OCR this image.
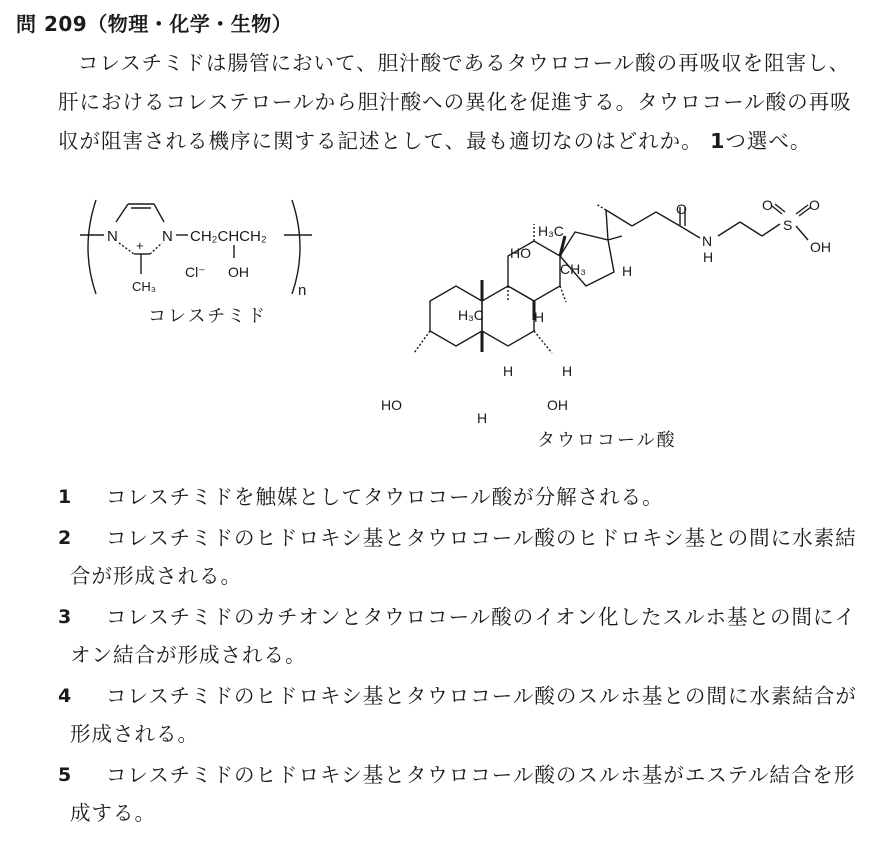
問 209（物理・化学・生物）
コレスチミドは腸管において、胆汁酸であるタウロコール酸の再吸収を阻害し、肝におけるコレステロールから胆汁酸への異化を促進する。タウロコール酸の再吸収が阻害される機序に関する記述として、最も適切なのはどれか。 1つ選べ。
N	N
+
CH₂CHCH₂
OH
CH₃
Cl⁻
n
コレスチミド
H₃C
CH₃
H₃C
HO
HO	OH
H
H
H	H
H
O
N
H
S
O	O
OH
タウロコール酸
1	コレスチミドを触媒としてタウロコール酸が分解される。
2	コレスチミドのヒドロキシ基とタウロコール酸のヒドロキシ基との間に水素結合が形成される。
3	コレスチミドのカチオンとタウロコール酸のイオン化したスルホ基との間にイオン結合が形成される。
4	コレスチミドのヒドロキシ基とタウロコール酸のスルホ基との間に水素結合が形成される。
5	コレスチミドのヒドロキシ基とタウロコール酸のスルホ基がエステル結合を形成する。
